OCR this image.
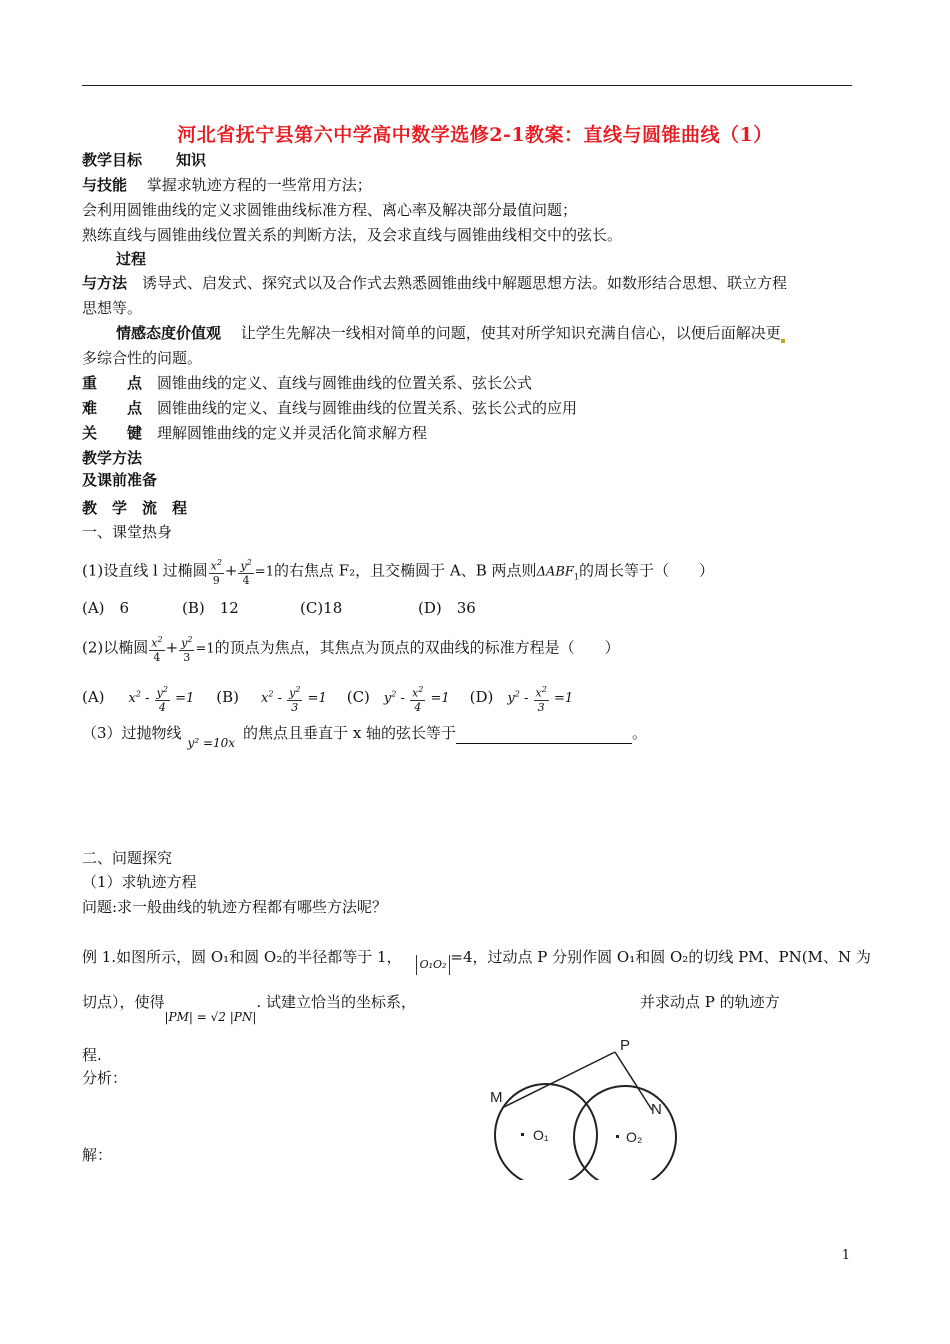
河北省抚宁县第六中学高中数学选修2-1教案：直线与圆锥曲线（1）
教学目标 知识
与技能　 掌握求轨迹方程的一些常用方法；
会利用圆锥曲线的定义求圆锥曲线标准方程、离心率及解决部分最值问题；
熟练直线与圆锥曲线位置关系的判断方法，及会求直线与圆锥曲线相交中的弦长。
过程
与方法　 诱导式、启发式、探究式以及合作式去熟悉圆锥曲线中解题思想方法。如数形结合思想、联立方程
思想等。
情感态度价值观　 让学生先解决一线相对简单的问题，使其对所学知识充满自信心，以便后面解决更
多综合性的问题。
重　　点　 圆锥曲线的定义、直线与圆锥曲线的位置关系、弦长公式
难　　点　 圆锥曲线的定义、直线与圆锥曲线的位置关系、弦长公式的应用
关　　键　 理解圆锥曲线的定义并灵活化简求解方程
教学方法
及课前准备
教　学　流　程
一、课堂热身
(1)设直线 l 过椭圆 $\frac{x^2}{9} + \frac{y^2}{4} =1$的右焦点 F₂，且交椭圆于 A、B 两点则$\Delta ABF_1$的周长等于（　　）
(A)　6	(B)　12	(C)18	(D)　36
(2)以椭圆 $\frac{x^2}{4} + \frac{y^2}{3} =1$的顶点为焦点，其焦点为顶点的双曲线的标准方程是（　　）
(A) $x^2 - \frac{y^2}{4} =1$ (B) $x^2 - \frac{y^2}{3} =1$ (C) $y^2 - \frac{x^2}{4} =1$ (D) $y^2 - \frac{x^2}{3} =1$
（3）过抛物线$_{y^2 =10x}$的焦点且垂直于 x 轴的弦长等于	。
二、问题探究
（1）求轨迹方程
问题:求一般曲线的轨迹方程都有哪些方法呢？
例 1.如图所示，圆 O₁和圆 O₂的半径都等于 1， O₁O₂ =4，过动点 P 分别作圆 O₁和圆 O₂的切线 PM、PN(M、N 为
切点），使得$_{|PM| = √2 |PN|}$. 试建立恰当的坐标系，	并求动点 P 的轨迹方
程.
分析：
解：
P
M
N
O₁	O₂
1
